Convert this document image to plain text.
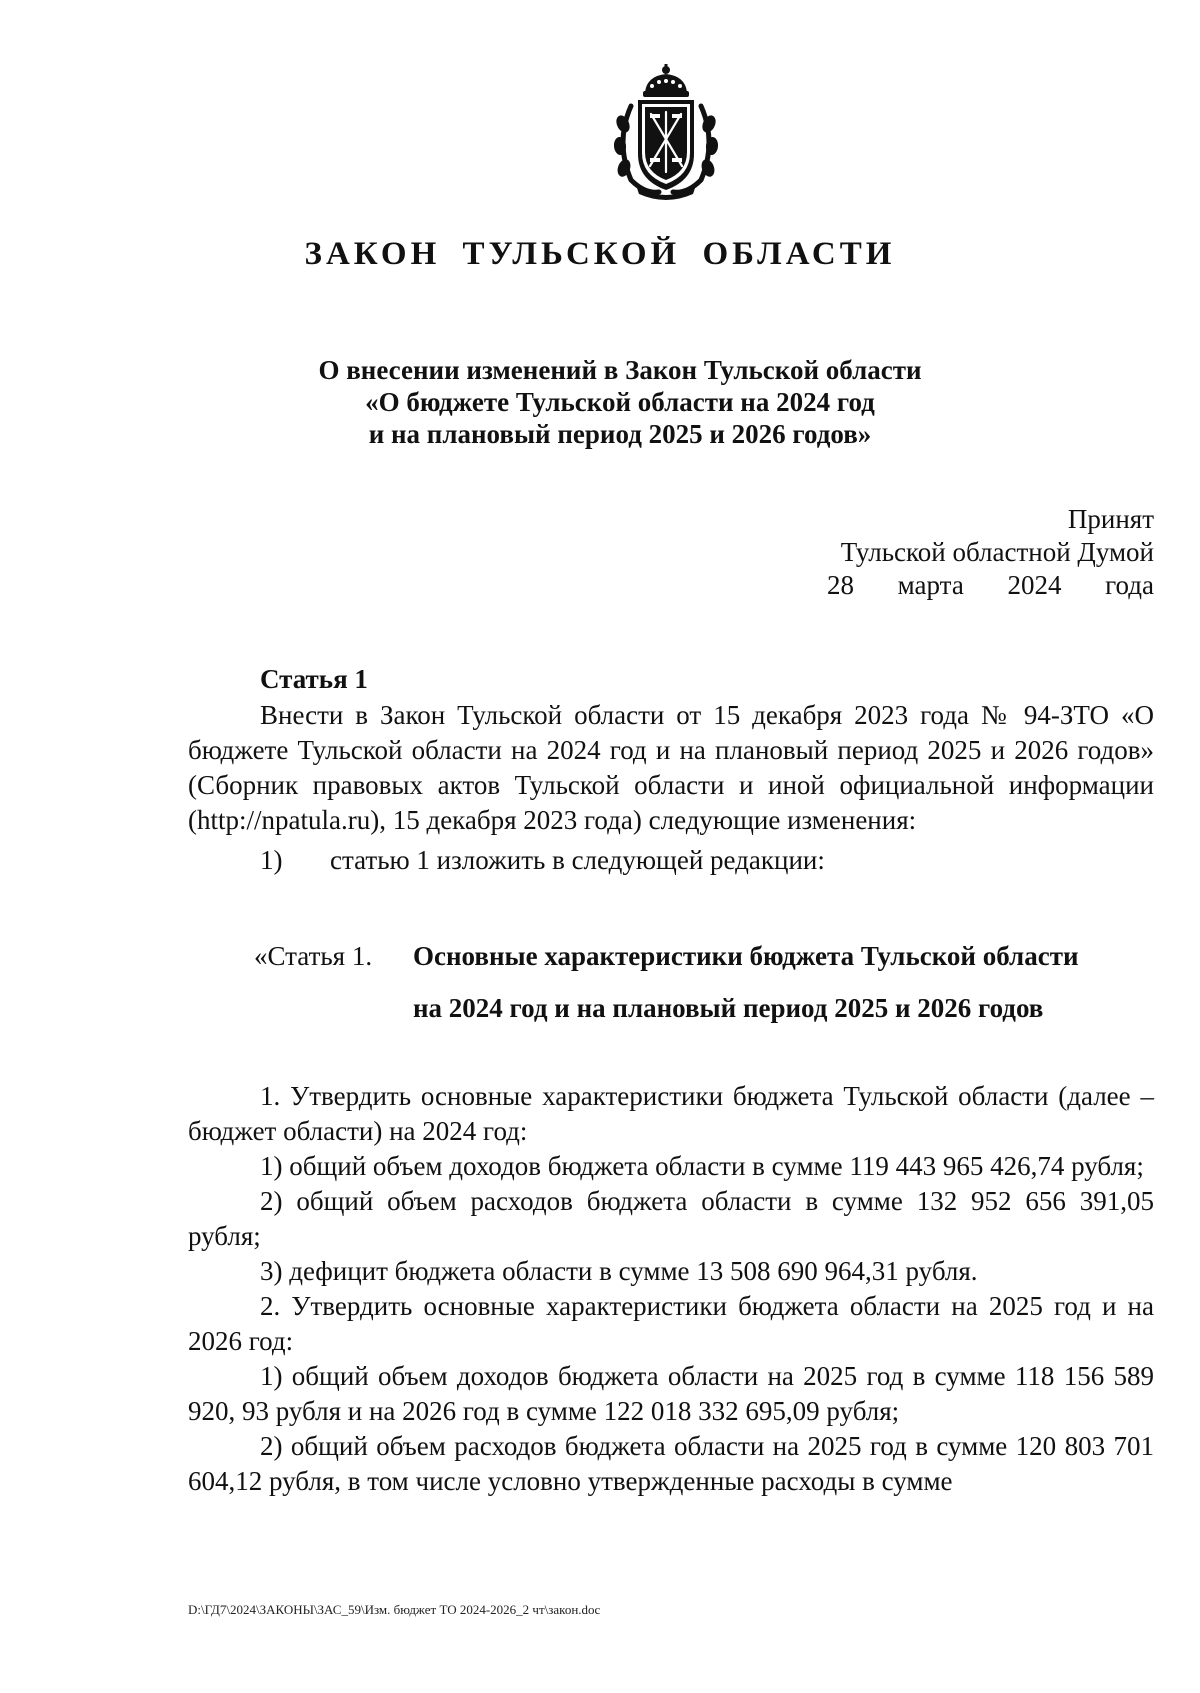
ЗАКОН ТУЛЬСКОЙ ОБЛАСТИ
О внесении изменений в Закон Тульской области
«О бюджете Тульской области на 2024 год
и на плановый период 2025 и 2026 годов»
Принят
Тульской областной Думой
28 марта 2024 года
Статья 1

Внести в Закон Тульской области от 15 декабря 2023 года № 94-ЗТО «О бюджете Тульской области на 2024 год и на плановый период 2025 и 2026 годов» (Сборник правовых актов Тульской области и иной официальной информации (http://npatula.ru), 15 декабря 2023 года) следующие изменения:

1) статью 1 изложить в следующей редакции:
«Статья 1. Основные характеристики бюджета Тульской области
на 2024 год и на плановый период 2025 и 2026 годов

1. Утвердить основные характеристики бюджета Тульской области (далее – бюджет области) на 2024 год:

1) общий объем доходов бюджета области в сумме 119 443 965 426,74 рубля;

2) общий объем расходов бюджета области в сумме 132 952 656 391,05 рубля;

3) дефицит бюджета области в сумме 13 508 690 964,31 рубля.

2. Утвердить основные характеристики бюджета области на 2025 год и на 2026 год:

1) общий объем доходов бюджета области на 2025 год в сумме 118 156 589 920, 93 рубля и на 2026 год в сумме 122 018 332 695,09 рубля;

2) общий объем расходов бюджета области на 2025 год в сумме 120 803 701 604,12 рубля, в том числе условно утвержденные расходы в сумме

D:\ГД7\2024\ЗАКОНЫ\ЗАС_59\Изм. бюджет ТО 2024-2026_2 чт\закон.doc
